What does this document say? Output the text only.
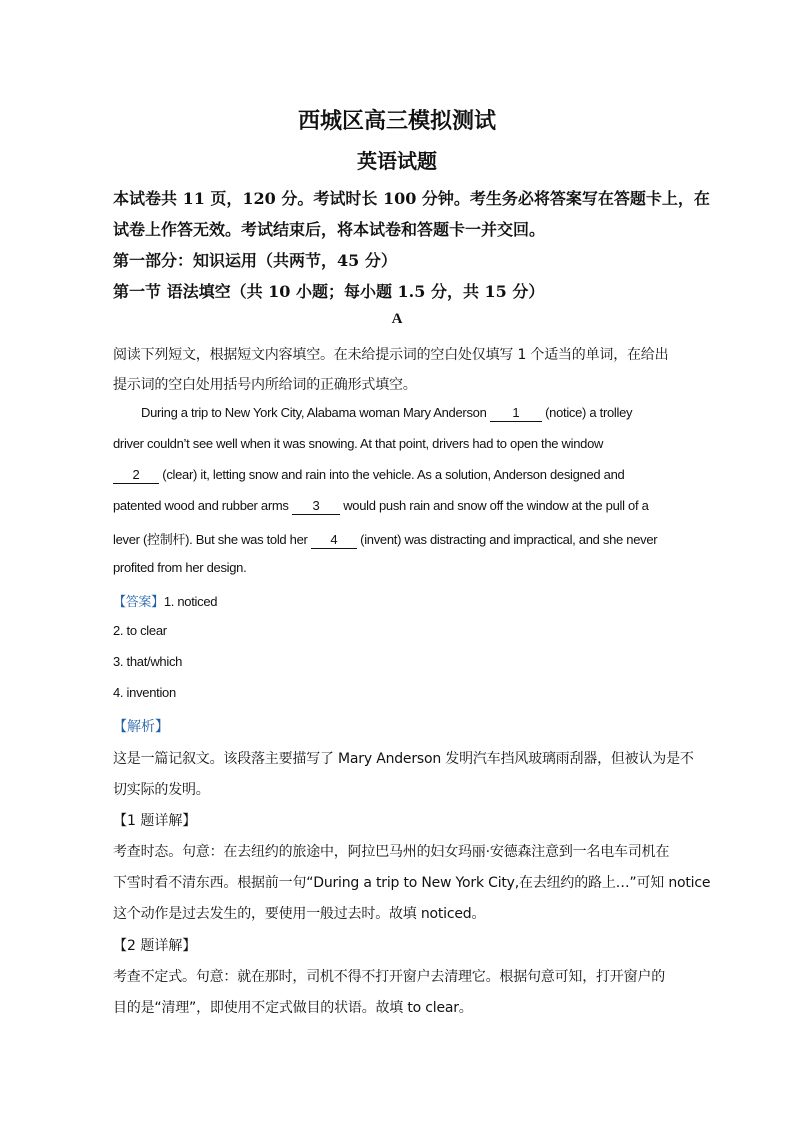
西城区高三模拟测试
英语试题
本试卷共 11 页，120 分。考试时长 100 分钟。考生务必将答案写在答题卡上，在
试卷上作答无效。考试结束后，将本试卷和答题卡一并交回。
第一部分：知识运用（共两节，45 分）
第一节 语法填空（共 10 小题；每小题 1.5 分，共 15 分）
A
阅读下列短文，根据短文内容填空。在未给提示词的空白处仅填写 1 个适当的单词，在给出
提示词的空白处用括号内所给词的正确形式填空。
During a trip to New York City, Alabama woman Mary Anderson 1 (notice) a trolley
driver couldn’t see well when it was snowing. At that point, drivers had to open the window
2 (clear) it, letting snow and rain into the vehicle. As a solution, Anderson designed and
patented wood and rubber arms 3 would push rain and snow off the window at the pull of a
lever (控制杆). But she was told her 4 (invent) was distracting and impractical, and she never
profited from her design.
【答案】1. noticed
2. to clear
3. that/which
4. invention
【解析】
这是一篇记叙文。该段落主要描写了 Mary Anderson 发明汽车挡风玻璃雨刮器，但被认为是不
切实际的发明。
【1 题详解】
考查时态。句意：在去纽约的旅途中，阿拉巴马州的妇女玛丽·安德森注意到一名电车司机在
下雪时看不清东西。根据前一句“During a trip to New York City,在去纽约的路上…”可知 notice
这个动作是过去发生的，要使用一般过去时。故填 noticed。
【2 题详解】
考查不定式。句意：就在那时，司机不得不打开窗户去清理它。根据句意可知，打开窗户的
目的是“清理”，即使用不定式做目的状语。故填 to clear。
